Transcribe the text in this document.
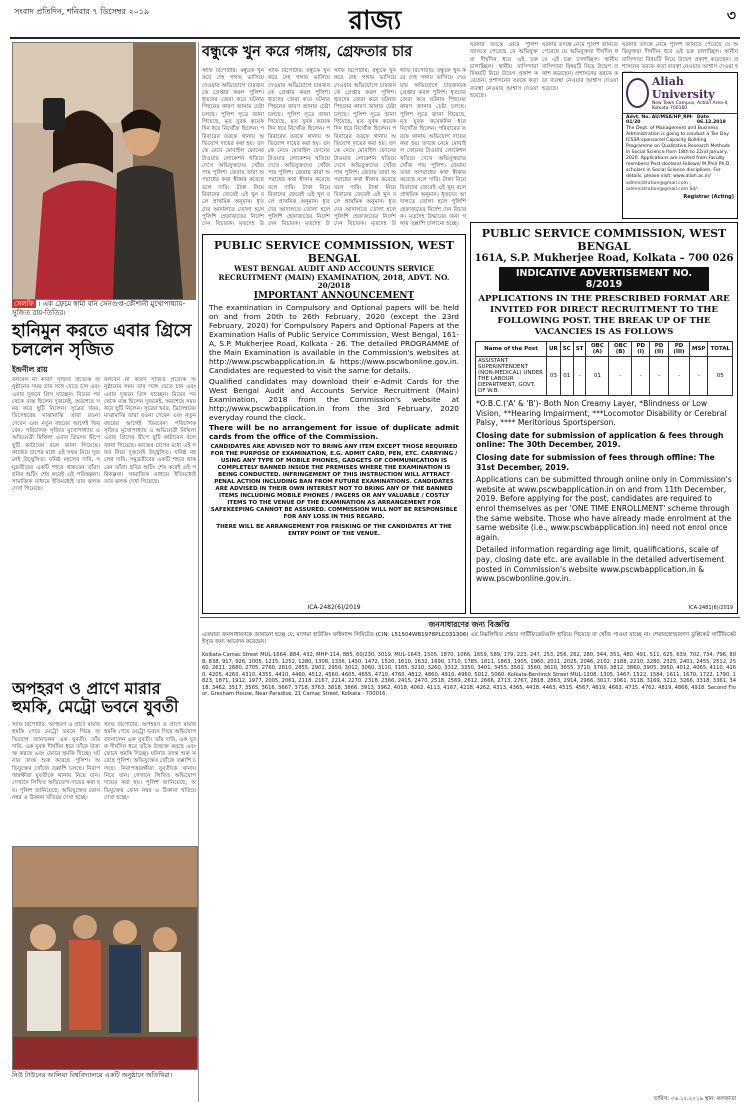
সংবাদ প্রতিদিন, শনিবার ৭ ডিসেম্বর ২০১৯	রাজ্য	৩
সেলফি । এক ফ্রেমে স্বামী বনি সেনগুপ্ত-কৌশানী মুখোপাধ্যায়-সুজিত রায়-তিতির।
হানিমুন করতে এবার গ্রিসে চললেন সৃজিত
ইন্দ্রনীল রায়
বলবেন না কারণ সৃজিত প্রত্যেক অনুষ্ঠানের সময় তার সঙ্গে যেতে চান এবং এবার দুজনে গ্রিস যাচ্ছেন। বিয়ের পর থেকে ব্যস্ত ছিলেন দুজনেই, অবশেষে সময় করে ছুটি নিলেন। সূত্রের খবর, ডিসেম্বরের মাঝামাঝি তারা রওনা দেবেন এবং নতুন বছরের আগেই ফিরবেন। পরিচালক সৃজিত মুখোপাধ্যায় ও অভিনেত্রী মিথিলা এবার গ্রিসের দ্বীপে ছুটি কাটাবেন বলে জানা গিয়েছে। কাজের চাপের মধ্যে এই সফর নিয়ে দুজনেই উচ্ছ্বসিত। ঘনিষ্ঠ মহলের দাবি, সমুদ্রতীরের একটি শহরে থাকবেন তাঁরা। ছবির শুটিং শেষ করেই এই পরিকল্পনা। সামাজিক মাধ্যমে ইতিমধ্যেই তার ঝলক দেখা গিয়েছে।
বলবেন না কারণ সৃজিত প্রত্যেক অনুষ্ঠানের সময় তার সঙ্গে যেতে চান এবং এবার দুজনে গ্রিস যাচ্ছেন। বিয়ের পর থেকে ব্যস্ত ছিলেন দুজনেই, অবশেষে সময় করে ছুটি নিলেন। সূত্রের খবর, ডিসেম্বরের মাঝামাঝি তারা রওনা দেবেন এবং নতুন বছরের আগেই ফিরবেন। পরিচালক সৃজিত মুখোপাধ্যায় ও অভিনেত্রী মিথিলা এবার গ্রিসের দ্বীপে ছুটি কাটাবেন বলে জানা গিয়েছে। কাজের চাপের মধ্যে এই সফর নিয়ে দুজনেই উচ্ছ্বসিত। ঘনিষ্ঠ মহলের দাবি, সমুদ্রতীরের একটি শহরে থাকবেন তাঁরা। ছবির শুটিং শেষ করেই এই পরিকল্পনা। সামাজিক মাধ্যমে ইতিমধ্যেই তার ঝলক দেখা গিয়েছে।
বন্ধুকে খুন করে গঙ্গায়, গ্রেফতার চার
স্টাফ রিপোর্টার: বন্ধুকে খুন করে দেহ গঙ্গায় ভাসিয়ে দেওয়ার অভিযোগে চারজনকে গ্রেপ্তার করল পুলিশ। ধৃতদের জেরা করে ঘটনার পিছনের কারণ জানার চেষ্টা চলছে। পুলিশ সূত্রে জানা গিয়েছে, মৃত যুবক কয়েকদিন ধরে নিখোঁজ ছিলেন। পরিবারের তরফে থানায় অভিযোগ দায়ের করা হয়। তদন্তে নেমে মোবাইল ফোনের টাওয়ার লোকেশন খতিয়ে দেখে অভিযুক্তদের খোঁজ পায় পুলিশ। জেরায় তারা অপরাধের কথা স্বীকার করেছে বলে দাবি। টাকা নিয়ে বিবাদের জেরেই এই খুন বলে প্রাথমিক অনুমান। ধৃতদের আদালতে তোলা হলে পুলিশি হেফাজতের নির্দেশ দেন বিচারক। মৃতদেহ উ
স্টাফ রিপোর্টার: বন্ধুকে খুন করে দেহ গঙ্গায় ভাসিয়ে দেওয়ার অভিযোগে চারজনকে গ্রেপ্তার করল পুলিশ। ধৃতদের জেরা করে ঘটনার পিছনের কারণ জানার চেষ্টা চলছে। পুলিশ সূত্রে জানা গিয়েছে, মৃত যুবক কয়েকদিন ধরে নিখোঁজ ছিলেন। পরিবারের তরফে থানায় অভিযোগ দায়ের করা হয়। তদন্তে নেমে মোবাইল ফোনের টাওয়ার লোকেশন খতিয়ে দেখে অভিযুক্তদের খোঁজ পায় পুলিশ। জেরায় তারা অপরাধের কথা স্বীকার করেছে বলে দাবি। টাকা নিয়ে বিবাদের জেরেই এই খুন বলে প্রাথমিক অনুমান। ধৃতদের আদালতে তোলা হলে পুলিশি হেফাজতের নির্দেশ দেন বিচারক। মৃতদেহ উ
স্টাফ রিপোর্টার: বন্ধুকে খুন করে দেহ গঙ্গায় ভাসিয়ে দেওয়ার অভিযোগে চারজনকে গ্রেপ্তার করল পুলিশ। ধৃতদের জেরা করে ঘটনার পিছনের কারণ জানার চেষ্টা চলছে। পুলিশ সূত্রে জানা গিয়েছে, মৃত যুবক কয়েকদিন ধরে নিখোঁজ ছিলেন। পরিবারের তরফে থানায় অভিযোগ দায়ের করা হয়। তদন্তে নেমে মোবাইল ফোনের টাওয়ার লোকেশন খতিয়ে দেখে অভিযুক্তদের খোঁজ পায় পুলিশ। জেরায় তারা অপরাধের কথা স্বীকার করেছে বলে দাবি। টাকা নিয়ে বিবাদের জেরেই এই খুন বলে প্রাথমিক অনুমান। ধৃতদের আদালতে তোলা হলে পুলিশি হেফাজতের নির্দেশ দেন বিচারক। মৃতদেহ উ
স্টাফ রিপোর্টার: বন্ধুকে খুন করে দেহ গঙ্গায় ভাসিয়ে দেওয়ার অভিযোগে চারজনকে গ্রেপ্তার করল পুলিশ। ধৃতদের জেরা করে ঘটনার পিছনের কারণ জানার চেষ্টা চলছে। পুলিশ সূত্রে জানা গিয়েছে, মৃত যুবক কয়েকদিন ধরে নিখোঁজ ছিলেন। পরিবারের তরফে থানায় অভিযোগ দায়ের করা হয়। তদন্তে নেমে মোবাইল ফোনের টাওয়ার লোকেশন খতিয়ে দেখে অভিযুক্তদের খোঁজ পায় পুলিশ। জেরায় তারা অপরাধের কথা স্বীকার করেছে বলে দাবি। টাকা নিয়ে বিবাদের জেরেই এই খুন বলে প্রাথমিক অনুমান। ধৃতদের আদালতে তোলা হলে পুলিশি হেফাজতের নির্দেশ দেন বিচারক। মৃতদেহ উদ্ধারের জন্য গঙ্গায় তল্লাশি চালানো হচ্ছে।
ঘটনার তদন্তে নেমে পুলিশ জানতে পেরেছে যে অভিযুক্তরা দীর্ঘদিন ধরে এই চক্র চালাচ্ছিল। স্থানীয় বাসিন্দারা বিষয়টি নিয়ে উদ্বেগ প্রকাশ করেছেন। প্রশাসনের তরফে কড়া ব্যবস্থা নেওয়ার আশ্বাস দেওয়া হয়েছে।
ঘটনার তদন্তে নেমে পুলিশ জানতে পেরেছে যে অভিযুক্তরা দীর্ঘদিন ধরে এই চক্র চালাচ্ছিল। স্থানীয় বাসিন্দারা বিষয়টি নিয়ে উদ্বেগ প্রকাশ করেছেন। প্রশাসনের তরফে কড়া ব্যবস্থা নেওয়ার আশ্বাস দেওয়া হয়েছে।
ঘটনার তদন্তে নেমে পুলিশ জানতে পেরেছে যে অভিযুক্তরা দীর্ঘদিন ধরে এই চক্র চালাচ্ছিল। স্থানীয় বাসিন্দারা বিষয়টি নিয়ে উদ্বেগ প্রকাশ করেছেন। প্রশাসনের তরফে কড়া ব্যবস্থা নেওয়ার আশ্বাস দেওয়া হ
Aliah University
New Town Campus, Action Area-II, Kolkata-700160
Advt. No. AU/MSA/HP_RM-01/20
Date 06.12.2019
The Dept. of Management and Business Administration is going to conduct a Ten Day ICSSR-sponsored Capacity Building Programme on Qualitative Research Methods in Social Science from 18th to 22nd January, 2020. Applications are invited from Faculty members/ Post-doctoral Fellows/ M.Phil/ Ph.D. scholars in Social Science disciplines. For details, please visit: www.aliah.ac.in/
administration@gmail.com ; administration@gmail.com Sd/-
Registrar (Acting)
PUBLIC SERVICE COMMISSION, WEST BENGAL
161A, S.P. Mukherjee Road, Kolkata – 700 026
INDICATIVE ADVERTISEMENT NO. 8/2019
APPLICATIONS IN THE PRESCRIBED FORMAT ARE INVITED FOR DIRECT RECRUITMENT TO THE FOLLOWING POST. THE BREAK UP OF THE VACANCIES IS AS FOLLOWS
Name of the Post	UR	SC	ST	OBC (A)	OBC (B)	PD (I)	PD (II)	PD (III)	MSP	TOTAL
ASSISTANT SUPERINTENDENT (NON-MEDICAL) UNDER THE LABOUR DEPARTMENT, GOVT. OF W.B.	03	01	-	01	-	-	-	-	-	05

*O.B.C.('A' & 'B')- Both Non Creamy Layer, *Blindness or Low Vision, **Hearing Impairment, ***Locomotor Disability or Cerebral Palsy, **** Meritorious Sportsperson.

Closing date for submission of application & fees through online: The 30th December, 2019.

Closing date for submission of fees through offline: The 31st December, 2019.

Applications can be submitted through online only in Commission's website at www.pscwbapplication.in on and from 11th December, 2019. Before applying for the post, candidates are required to enrol themselves as per 'ONE TIME ENROLLMENT' scheme through the same website. Those who have already made enrolment at the same website (i.e., www.pscwbapplication.in) need not enrol once again.

Detailed information regarding age limit, qualifications, scale of pay, closing date etc. are available in the detailed advertisement posted in Commission's website www.pscwbapplication.in & www.pscwbonline.gov.in.

ICA-2481(6)/2019
PUBLIC SERVICE COMMISSION, WEST BENGAL
WEST BENGAL AUDIT AND ACCOUNTS SERVICE RECRUITMENT (MAIN) EXAMINATION, 2018, ADVT. NO. 20/2018
IMPORTANT ANNOUNCEMENT
The examination in Compulsory and Optional papers will be held on and from 20th to 26th February, 2020 (except the 23rd February, 2020) for Compulsory Papers and Optional Papers at the Examination Halls of Public Service Commission, West Bengal, 161-A, S.P. Mukherjee Road, Kolkata - 26. The detailed PROGRAMME of the Main Examination is available in the Commission's websites at http://www.pscwbapplication.in & https://www.pscwbonline.gov.in. Candidates are requested to visit the same for details.
Qualified candidates may download their e-Admit Cards for the West Bengal Audit and Accounts Service Recruitment (Main) Examination, 2018 from the Commission's website at http://www.pscwbapplication.in from the 3rd February, 2020 everyday round the clock.
There will be no arrangement for issue of duplicate admit cards from the office of the Commission.
CANDIDATES ARE ADVISED NOT TO BRING ANY ITEM EXCEPT THOSE REQUIRED FOR THE PURPOSE OF EXAMINATION, E.G. ADMIT CARD, PEN, ETC. CARRYING / USING ANY TYPE OF MOBILE PHONES, GADGETS OF COMMUNICATION IS COMPLETELY BANNED INSIDE THE PREMISES WHERE THE EXAMINATION IS BEING CONDUCTED. INFRINGEMENT OF THIS INSTRUCTION WILL ATTRACT PENAL ACTION INCLUDING BAN FROM FUTURE EXAMINATIONS. CANDIDATES ARE ADVISED IN THEIR OWN INTEREST NOT TO BRING ANY OF THE BANNED ITEMS INCLUDING MOBILE PHONES / PAGERS OR ANY VALUABLE / COSTLY ITEMS TO THE VENUE OF THE EXAMINATION AS ARRANGEMENT FOR SAFEKEEPING CANNOT BE ASSURED. COMMISSION WILL NOT BE RESPONSIBLE FOR ANY LOSS IN THIS REGARD.
THERE WILL BE ARRANGEMENT FOR FRISKING OF THE CANDIDATES AT THE ENTRY POINT OF THE VENUE.
ICA-2482(6)/2019
অপহরণ ও প্রাণে মারার হুমকি, মেট্রো ভবনে যুবতী
স্টাফ রিপোর্টার: অপহরণ ও প্রাণে মারার হুমকি পেয়ে মেট্রো ভবনে গিয়ে অভিযোগ জানালেন এক যুবতী। তাঁর দাবি, এক যুবক দীর্ঘদিন ধরে তাঁকে উত্ত্যক্ত করছে এবং ফোনে হুমকি দিচ্ছে। ঘটনার তদন্ত শুরু করেছে পুলিশ। অভিযুক্তের খোঁজে তল্লাশি চলছে। নিরাপত্তারক্ষীরা যুবতীকে থানায় নিয়ে যান। সেখানে লিখিত অভিযোগ দায়ের করা হয়। পুলিশ জানিয়েছে, অভিযুক্তের ফোন নম্বর ও ঠিকানা খতিয়ে দেখা হচ্ছে।
স্টাফ রিপোর্টার: অপহরণ ও প্রাণে মারার হুমকি পেয়ে মেট্রো ভবনে গিয়ে অভিযোগ জানালেন এক যুবতী। তাঁর দাবি, এক যুবক দীর্ঘদিন ধরে তাঁকে উত্ত্যক্ত করছে এবং ফোনে হুমকি দিচ্ছে। ঘটনার তদন্ত শুরু করেছে পুলিশ। অভিযুক্তের খোঁজে তল্লাশি চলছে। নিরাপত্তারক্ষীরা যুবতীকে থানায় নিয়ে যান। সেখানে লিখিত অভিযোগ দায়ের করা হয়। পুলিশ জানিয়েছে, অভিযুক্তের ফোন নম্বর ও ঠিকানা খতিয়ে দেখা হচ্ছে।
নিউ টাউনের আলিয়া বিশ্ববিদ্যালয়ে একটি অনুষ্ঠানে অতিথিরা।
জনসাধারণের জন্য বিজ্ঞপ্তি
এতদ্বারা জনসাধারণকে জানানো হচ্ছে যে, ম্যাগমা হাউজিং ফাইন্যান্স লিমিটেড (CIN: L51504WB1978PLC031306) এর নিম্নলিখিত শেয়ার সার্টিফিকেটগুলি হারিয়ে গিয়েছে বা খোঁজ পাওয়া যাচ্ছে না। শেয়ারহোল্ডারগণ ডুপ্লিকেট সার্টিফিকেট ইস্যুর জন্য আবেদন করেছেন।
Kolkata-Camac Street MUL-1664, 884, 432, MHP-114, 885, 60/230, 3019, MUL-1643, 1505, 1870, 1066, 1659, 589, 179, 223, 247, 253, 256, 262, 280, 344, 351, 480, 491, 511, 625, 639, 702, 734, 796, 808, 838, 917, 926, 1005, 1215, 1252, 1280, 1308, 1336, 1450, 1472, 1520, 1610, 1632, 1690, 1710, 1785, 1811, 1863, 1905, 1960, 2011, 2025, 2046, 2102, 2188, 2210, 2280, 2325, 2401, 2455, 2512, 2560, 2611, 2680, 2705, 2760, 2810, 2855, 2901, 2950, 3012, 3060, 3110, 3165, 3210, 3260, 3312, 3350, 3401, 3455, 3501, 3560, 3610, 3655, 3710, 3760, 3812, 3860, 3905, 3950, 4012, 4065, 4110, 4160, 4205, 4260, 4310, 4355, 4410, 4460, 4512, 4560, 4605, 4655, 4710, 4760, 4812, 4860, 4910, 4960, 5012, 5060. Kolkata-Bentinck Street MUL-1208, 1305, 1467, 1522, 1584, 1611, 1670, 1722, 1790, 1823, 1871, 1912, 1977, 2005, 2061, 2118, 2167, 2214, 2270, 2318, 2366, 2415, 2470, 2518, 2569, 2612, 2666, 2713, 2767, 2818, 2863, 2914, 2966, 3017, 3061, 3118, 3169, 3212, 3266, 3318, 3361, 3418, 3462, 3517, 3565, 3616, 3667, 3718, 3763, 3818, 3866, 3913, 3962, 4018, 4062, 4113, 4167, 4218, 4262, 4313, 4365, 4418, 4463, 4515, 4567, 4619, 4663, 4715, 4762, 4819, 4866, 4918. Second Floor, Gresham House, Near Paradise, 21 Camac Street, Kolkata - 700016.
তারিখ: ০৬.১২.২০১৯ স্থান: কলকাতা
